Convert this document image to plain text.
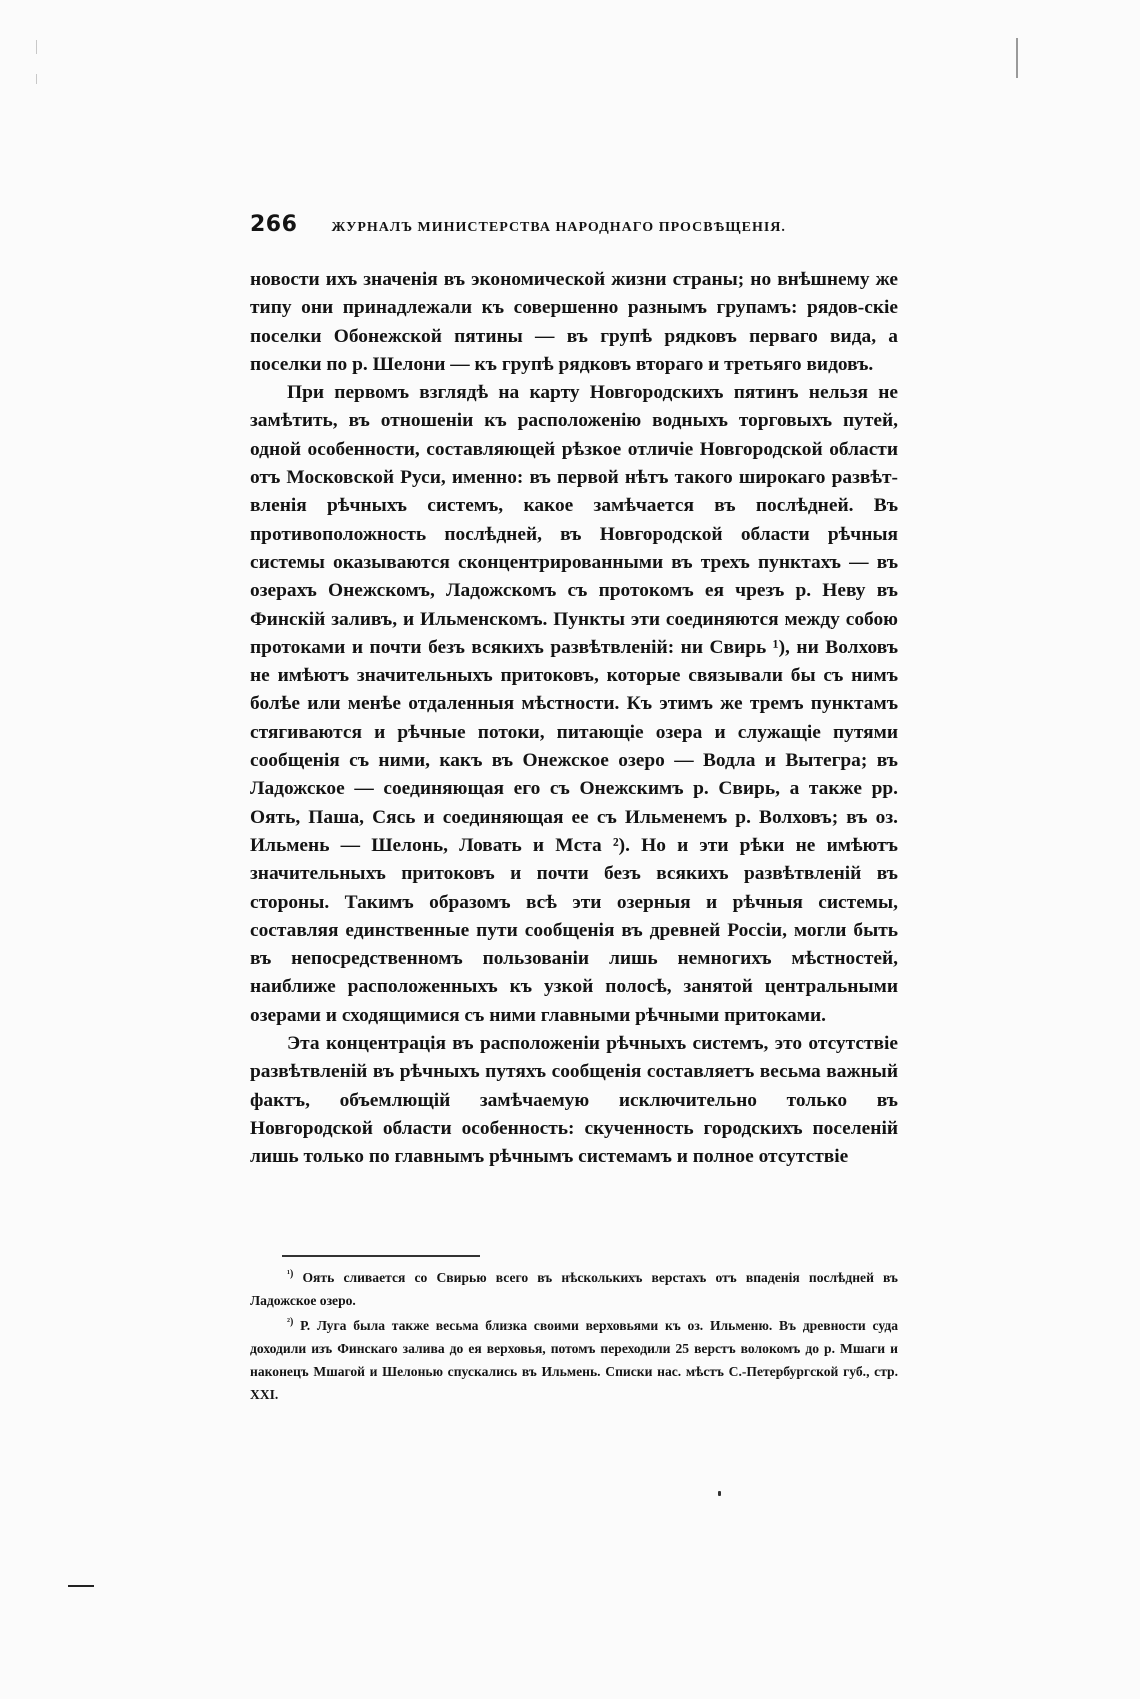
266 ЖУРНАЛЪ МИНИСТЕРСТВА НАРОДНАГО ПРОСВѢЩЕНІЯ.

новости ихъ значенія въ экономической жизни страны; но внѣшнему же типу они принадлежали къ совершенно разнымъ групамъ: рядов-скіе поселки Обонежской пятины — въ групѣ рядковъ перваго вида, а поселки по р. Шелони — къ групѣ рядковъ втораго и третьяго видовъ.

При первомъ взглядѣ на карту Новгородскихъ пятинъ нельзя не замѣтить, въ отношеніи къ расположенію водныхъ торговыхъ путей, одной особенности, составляющей рѣзкое отличіе Новгородской области отъ Московской Руси, именно: въ первой нѣтъ такого широкаго развѣт-вленія рѣчныхъ системъ, какое замѣчается въ послѣдней. Въ противоположность послѣдней, въ Новгородской области рѣчныя системы оказываются сконцентрированными въ трехъ пунктахъ — въ озерахъ Онежскомъ, Ладожскомъ съ протокомъ ея чрезъ р. Неву въ Финскій заливъ, и Ильменскомъ. Пункты эти соединяются между собою протоками и почти безъ всякихъ развѣтвленій: ни Свирь ¹), ни Волховъ не имѣютъ значительныхъ притоковъ, которые связывали бы съ нимъ болѣе или менѣе отдаленныя мѣстности. Къ этимъ же тремъ пунктамъ стягиваются и рѣчные потоки, питающіе озера и служащіе путями сообщенія съ ними, какъ въ Онежское озеро — Водла и Вытегра; въ Ладожское — соединяющая его съ Онежскимъ р. Свирь, а также рр. Оять, Паша, Сясь и соединяющая ее съ Ильменемъ р. Волховъ; въ оз. Ильмень — Шелонь, Ловать и Мста ²). Но и эти рѣки не имѣютъ значительныхъ притоковъ и почти безъ всякихъ развѣтвленій въ стороны. Такимъ образомъ всѣ эти озерныя и рѣчныя системы, составляя единственные пути сообщенія въ древней Россіи, могли быть въ непосредственномъ пользованіи лишь немногихъ мѣстностей, наиближе расположенныхъ къ узкой полосѣ, занятой центральными озерами и сходящимися съ ними главными рѣчными притоками.

Эта концентрація въ расположеніи рѣчныхъ системъ, это отсутствіе развѣтвленій въ рѣчныхъ путяхъ сообщенія составляетъ весьма важный фактъ, объемлющій замѣчаемую исключительно только въ Новгородской области особенность: скученность городскихъ поселеній лишь только по главнымъ рѣчнымъ системамъ и полное отсутствіе

$^{^1)}$ Оять сливается со Свирью всего въ нѣсколькихъ верстахъ отъ впаденія послѣдней въ Ладожское озеро.

$^{^2)}$ Р. Луга была также весьма близка своими верховьями къ оз. Ильменю. Въ древности суда доходили изъ Финскаго залива до ея верховья, потомъ переходили 25 верстъ волокомъ до р. Мшаги и наконецъ Мшагой и Шелонью спускались въ Ильмень. Списки нас. мѣстъ С.-Петербургской губ., стр. XXI.
